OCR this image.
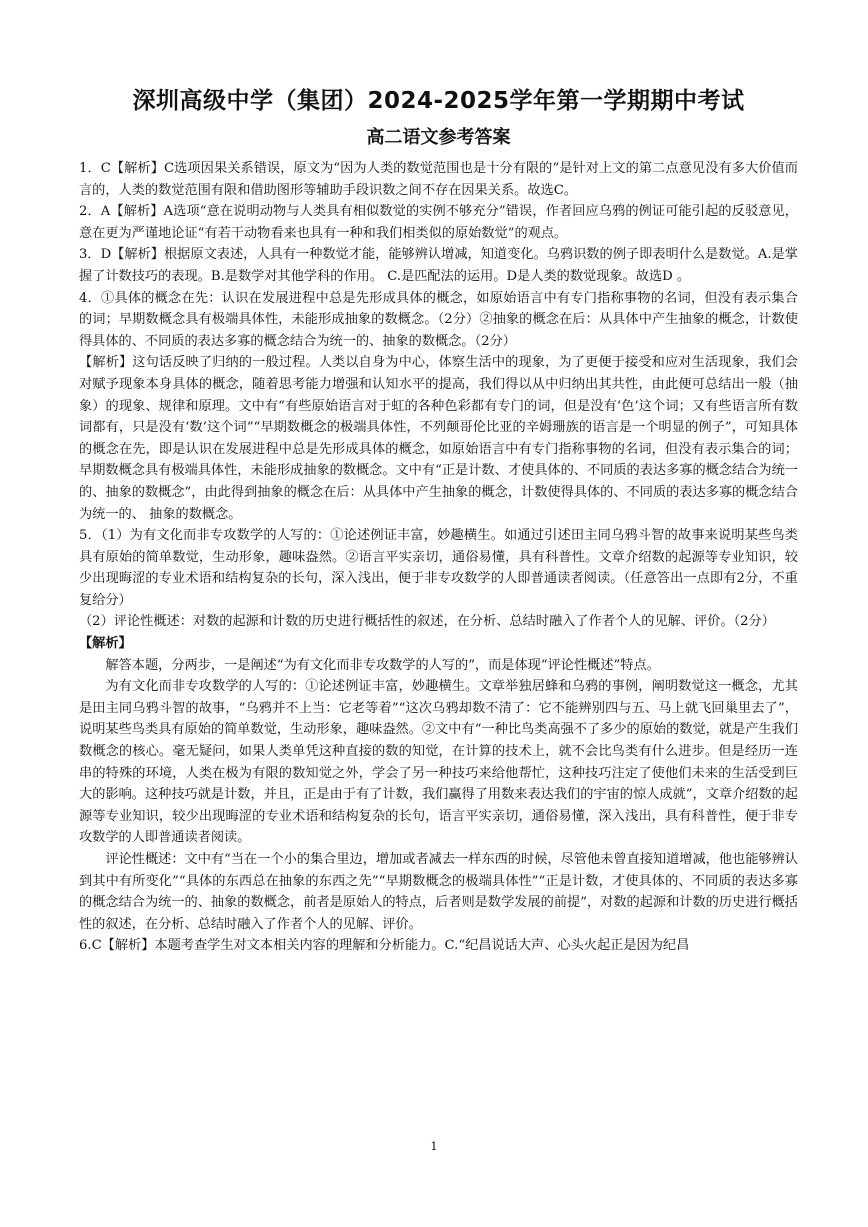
深圳高级中学（集团）2024-2025学年第一学期期中考试
高二语文参考答案

1．C【解析】C选项因果关系错误，原文为“因为人类的数觉范围也是十分有限的”是针对上文的第二点意见没有多大价值而言的，人类的数觉范围有限和借助图形等辅助手段识数之间不存在因果关系。故选C。

2．A【解析】A选项“意在说明动物与人类具有相似数觉的实例不够充分”错误，作者回应乌鸦的例证可能引起的反驳意见，意在更为严谨地论证“有若干动物看来也具有一种和我们相类似的原始数觉”的观点。

3．D【解析】根据原文表述，人具有一种数觉才能，能够辨认增减，知道变化。乌鸦识数的例子即表明什么是数觉。A.是掌握了计数技巧的表现。B.是数学对其他学科的作用。 C.是匹配法的运用。D是人类的数觉现象。故选D 。

4．①具体的概念在先：认识在发展进程中总是先形成具体的概念，如原始语言中有专门指称事物的名词，但没有表示集合的词；早期数概念具有极端具体性，未能形成抽象的数概念。（2分）②抽象的概念在后：从具体中产生抽象的概念，计数使得具体的、不同质的表达多寡的概念结合为统一的、抽象的数概念。（2分）

【解析】这句话反映了归纳的一般过程。人类以自身为中心，体察生活中的现象，为了更便于接受和应对生活现象，我们会对赋予现象本身具体的概念，随着思考能力增强和认知水平的提高，我们得以从中归纳出其共性，由此便可总结出一般（抽象）的现象、规律和原理。文中有“有些原始语言对于虹的各种色彩都有专门的词，但是没有‘色’这个词；又有些语言所有数词都有，只是没有‘数’这个词”“早期数概念的极端具体性，不列颠哥伦比亚的辛姆珊族的语言是一个明显的例子”，可知具体的概念在先，即是认识在发展进程中总是先形成具体的概念，如原始语言中有专门指称事物的名词，但没有表示集合的词；早期数概念具有极端具体性，未能形成抽象的数概念。文中有“正是计数、才使具体的、不同质的表达多寡的概念结合为统一的、抽象的数概念”，由此得到抽象的概念在后：从具体中产生抽象的概念，计数使得具体的、不同质的表达多寡的概念结合为统一的、 抽象的数概念。

5．（1）为有文化而非专攻数学的人写的：①论述例证丰富，妙趣横生。如通过引述田主同乌鸦斗智的故事来说明某些鸟类具有原始的简单数觉，生动形象，趣味盎然。②语言平实亲切，通俗易懂，具有科普性。文章介绍数的起源等专业知识，较少出现晦涩的专业术语和结构复杂的长句，深入浅出，便于非专攻数学的人即普通读者阅读。（任意答出一点即有2分，不重复给分）

（2）评论性概述：对数的起源和计数的历史进行概括性的叙述，在分析、总结时融入了作者个人的见解、评价。（2分）

【解析】

解答本题，分两步，一是阐述“为有文化而非专攻数学的人写的”，而是体现“评论性概述”特点。

为有文化而非专攻数学的人写的：①论述例证丰富，妙趣横生。文章举独居蜂和乌鸦的事例，阐明数觉这一概念，尤其是田主同乌鸦斗智的故事，“乌鸦并不上当：它老等着”“这次乌鸦却数不清了：它不能辨别四与五、马上就飞回巢里去了”，说明某些鸟类具有原始的简单数觉，生动形象，趣味盎然。②文中有“一种比鸟类高强不了多少的原始的数觉，就是产生我们数概念的核心。毫无疑问，如果人类单凭这种直接的数的知觉，在计算的技术上，就不会比鸟类有什么进步。但是经历一连串的特殊的环境，人类在极为有限的数知觉之外，学会了另一种技巧来给他帮忙，这种技巧注定了使他们未来的生活受到巨大的影响。这种技巧就是计数，并且，正是由于有了计数，我们赢得了用数来表达我们的宇宙的惊人成就”，文章介绍数的起源等专业知识，较少出现晦涩的专业术语和结构复杂的长句，语言平实亲切，通俗易懂，深入浅出，具有科普性，便于非专攻数学的人即普通读者阅读。

评论性概述：文中有“当在一个小的集合里边，增加或者减去一样东西的时候，尽管他未曾直接知道增减，他也能够辨认到其中有所变化”“具体的东西总在抽象的东西之先”“早期数概念的极端具体性”“正是计数，才使具体的、不同质的表达多寡的概念结合为统一的、抽象的数概念，前者是原始人的特点，后者则是数学发展的前提”，对数的起源和计数的历史进行概括性的叙述，在分析、总结时融入了作者个人的见解、评价。

6.C【解析】本题考查学生对文本相关内容的理解和分析能力。C.“纪昌说话大声、心头火起正是因为纪昌

1
